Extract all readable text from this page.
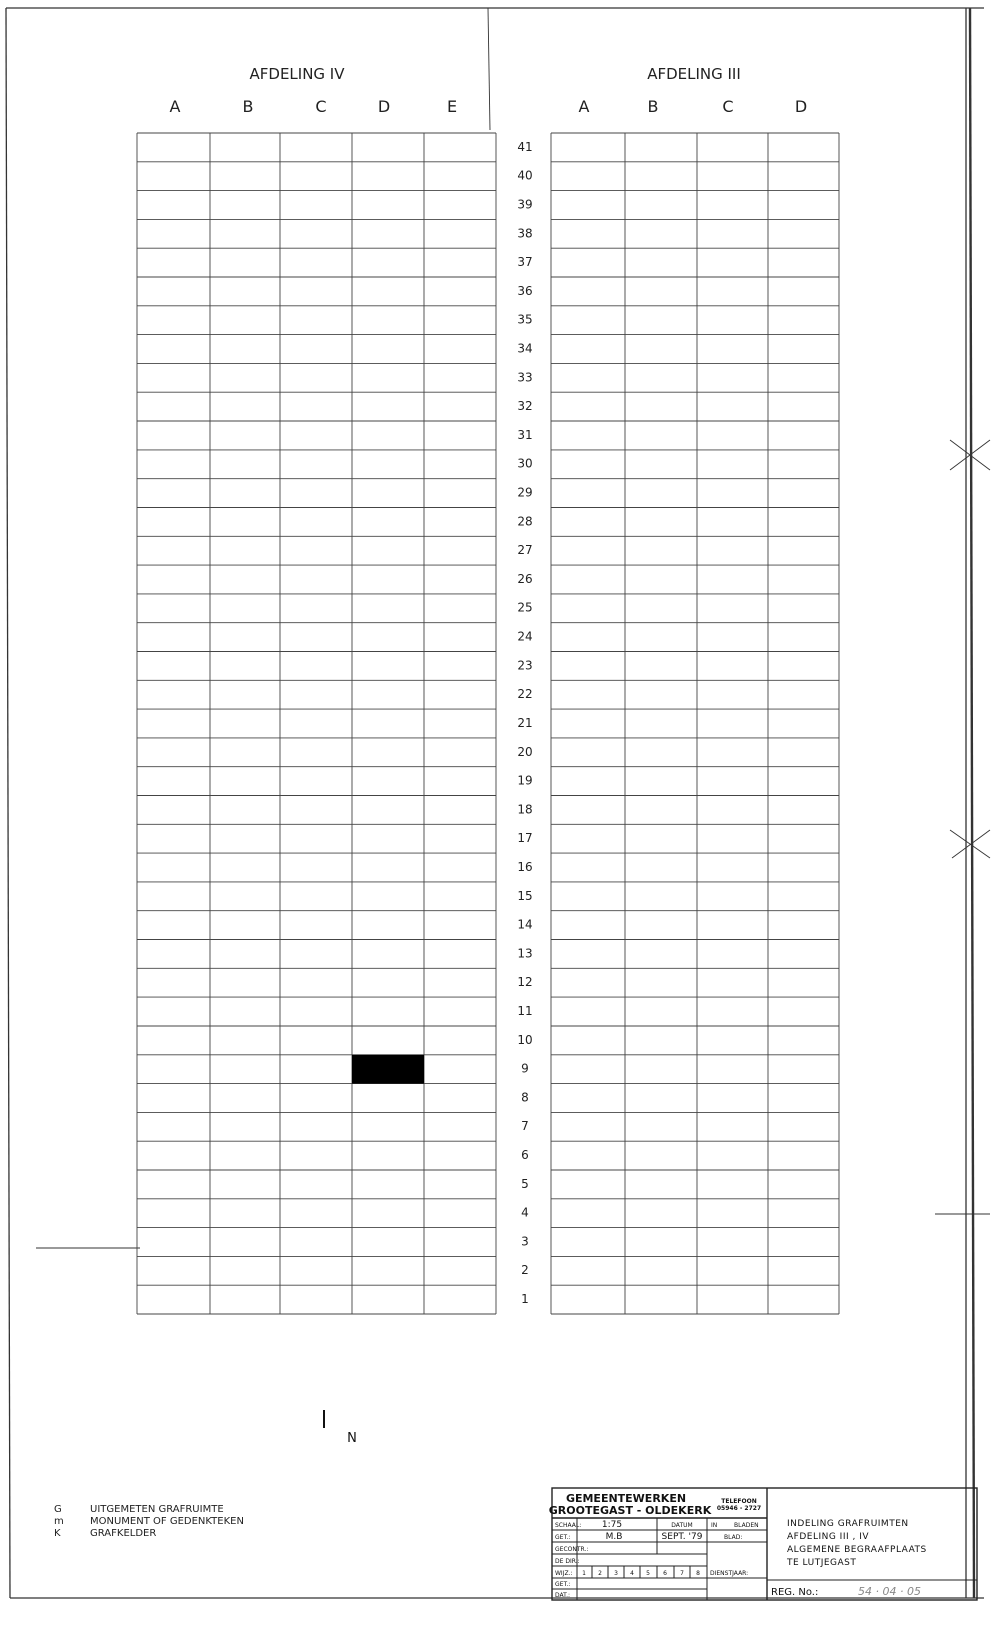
AFDELING IV	AFDELING III
A	B	C	D	E	A	B	C	D
41
40
39
38
37
36
35
34
33
32
31
30
29
28
27
26
25
24
23
22
21
20
19
18
17
16
15
14
13
12
11
10
9
8
7
6
5
4
3
2
1
N
G	UITGEMETEN GRAFRUIMTE
m	MONUMENT OF GEDENKTEKEN
K	GRAFKELDER
GEMEENTEWERKEN
GROOTEGAST - OLDEKERK
TELEFOON
05946 - 2727
SCHAAL: 1:75	DATUM	IN	BLADEN
GET.:	M.B	SEPT. '79	BLAD:
GECONTR.:
DE DIR.:
WIJZ.: 1 2 3 4 5 6 7 8 DIENSTJAAR:
GET.:
DAT.:
INDELING GRAFRUIMTEN
AFDELING III , IV
ALGEMENE BEGRAAFPLAATS
TE LUTJEGAST
REG. No.:	54 · 04 · 05
